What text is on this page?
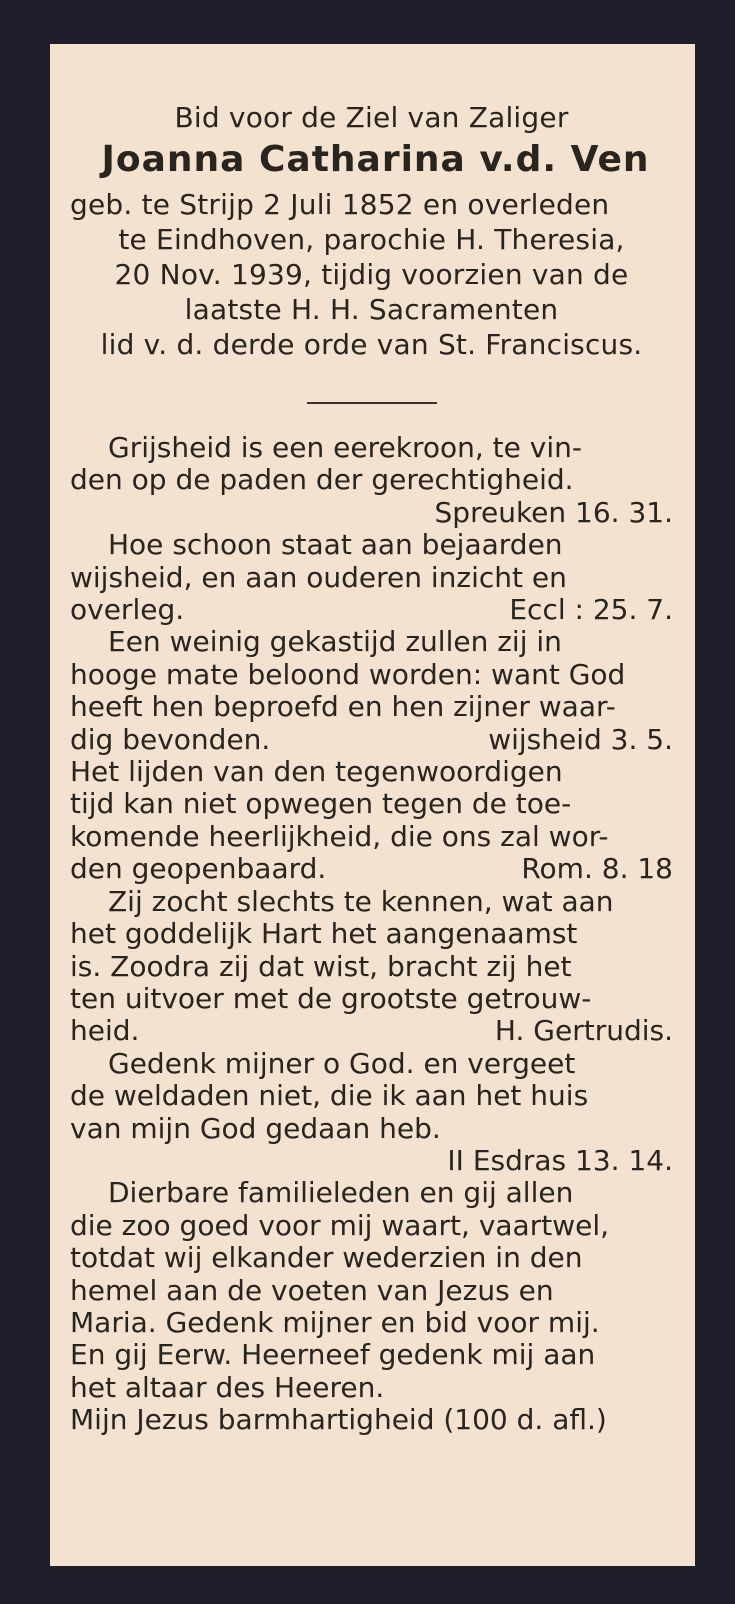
Bid voor de Ziel van Zaliger
Joanna Catharina v.d. Ven
geb. te Strijp 2 Juli 1852 en overleden
te Eindhoven, parochie H. Theresia,
20 Nov. 1939, tijdig voorzien van de
laatste H. H. Sacramenten
lid v. d. derde orde van St. Franciscus.
Grijsheid is een eerekroon, te vin-
den op de paden der gerechtigheid.
Spreuken 16. 31.
Hoe schoon staat aan bejaarden
wijsheid, en aan ouderen inzicht en
overleg.	Eccl : 25. 7.
Een weinig gekastijd zullen zij in
hooge mate beloond worden: want God
heeft hen beproefd en hen zijner waar-
dig bevonden.	wijsheid 3. 5.
Het lijden van den tegenwoordigen
tijd kan niet opwegen tegen de toe-
komende heerlijkheid, die ons zal wor-
den geopenbaard.	Rom. 8. 18
Zij zocht slechts te kennen, wat aan
het goddelijk Hart het aangenaamst
is. Zoodra zij dat wist, bracht zij het
ten uitvoer met de grootste getrouw-
heid.	H. Gertrudis.
Gedenk mijner o God. en vergeet
de weldaden niet, die ik aan het huis
van mijn God gedaan heb.
II Esdras 13. 14.
Dierbare familieleden en gij allen
die zoo goed voor mij waart, vaartwel,
totdat wij elkander wederzien in den
hemel aan de voeten van Jezus en
Maria. Gedenk mijner en bid voor mij.
En gij Eerw. Heerneef gedenk mij aan
het altaar des Heeren.
Mijn Jezus barmhartigheid (100 d. afl.)
